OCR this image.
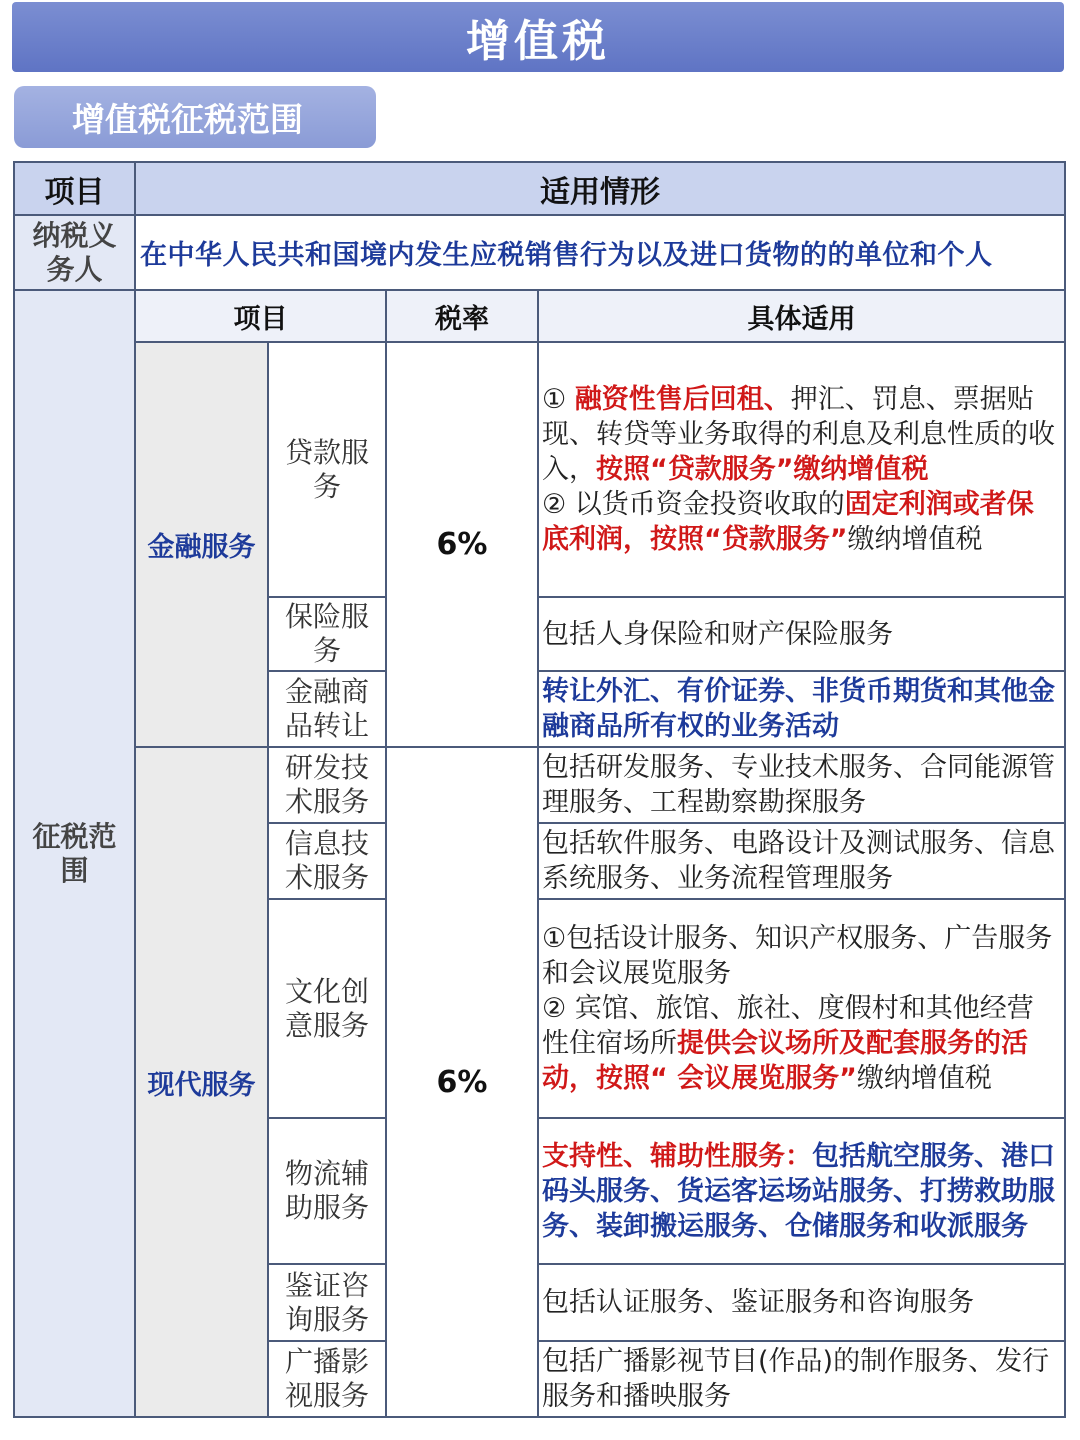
增值税
增值税征税范围
项目	适用情形			

纳税义务人	在中华人民共和国境内发生应税销售行为以及进口货物的的单位和个人			

征税范围	项目		税率	具体适用
	金融服务	贷款服务	6%	① 融资性售后回租、押汇、罚息、票据贴现、转贷等业务取得的利息及利息性质的收入，按照“贷款服务”缴纳增值税
② 以货币资金投资收取的固定利润或者保底利润，按照“贷款服务”缴纳增值税

		保险服务		包括人身保险和财产保险服务

		金融商品转让		转让外汇、有价证券、非货币期货和其他金融商品所有权的业务活动
	现代服务	研发技术服务	6%	包括研发服务、专业技术服务、合同能源管理服务、工程勘察勘探服务

		信息技术服务		包括软件服务、电路设计及测试服务、信息系统服务、业务流程管理服务

		文化创意服务		①包括设计服务、知识产权服务、广告服务和会议展览服务
② 宾馆、旅馆、旅社、度假村和其他经营性住宿场所提供会议场所及配套服务的活动，按照“ 会议展览服务”缴纳增值税

		物流辅助服务		支持性、辅助性服务：包括航空服务、港口码头服务、货运客运场站服务、打捞救助服务、装卸搬运服务、仓储服务和收派服务

		鉴证咨询服务		包括认证服务、鉴证服务和咨询服务

		广播影视服务		包括广播影视节目(作品)的制作服务、发行服务和播映服务
